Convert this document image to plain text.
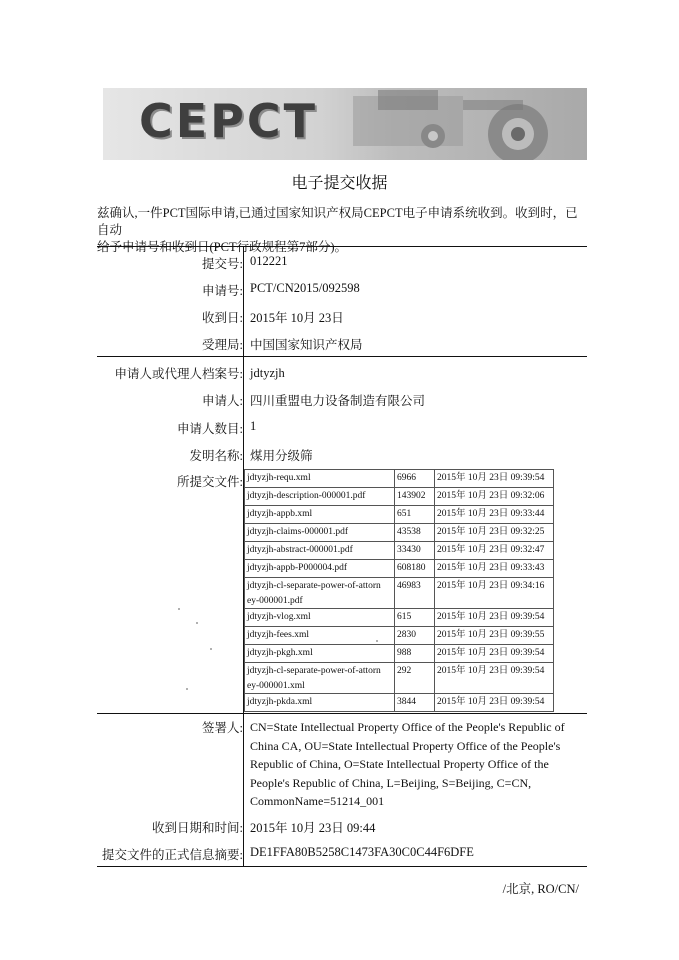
CEPCT
电子提交收据

兹确认,一件PCT国际申请,已通过国家知识产权局CEPCT电子申请系统收到。收到时，已自动

给予申请号和收到日(PCT行政规程第7部分)。

提交号: 012221
申请号: PCT/CN2015/092598
收到日: 2015年 10月 23日
受理局: 中国国家知识产权局
申请人或代理人档案号: jdtyzjh
申请人: 四川重盟电力设备制造有限公司
申请人数目: 1
发明名称: 煤用分级筛
所提交文件: jdtyzjh-requ.xml	6966	2015年 10月 23日 09:39:54
jdtyzjh-description-000001.pdf	143902	2015年 10月 23日 09:32:06
jdtyzjh-appb.xml	651	2015年 10月 23日 09:33:44
jdtyzjh-claims-000001.pdf	43538	2015年 10月 23日 09:32:25
jdtyzjh-abstract-000001.pdf	33430	2015年 10月 23日 09:32:47
jdtyzjh-appb-P000004.pdf	608180	2015年 10月 23日 09:33:43

jdtyzjh-cl-separate-power-of-attorn
ey-000001.pdf	46983	2015年 10月 23日 09:34:16
jdtyzjh-vlog.xml	615	2015年 10月 23日 09:39:54
jdtyzjh-fees.xml	2830	2015年 10月 23日 09:39:55
jdtyzjh-pkgh.xml	988	2015年 10月 23日 09:39:54

jdtyzjh-cl-separate-power-of-attorn
ey-000001.xml	292	2015年 10月 23日 09:39:54
jdtyzjh-pkda.xml	3844	2015年 10月 23日 09:39:54
签署人: CN=State Intellectual Property Office of the People's Republic of China CA, OU=State Intellectual Property Office of the People's Republic of China, O=State Intellectual Property Office of the People's Republic of China, L=Beijing, S=Beijing, C=CN, CommonName=51214_001
收到日期和时间: 2015年 10月 23日 09:44
提交文件的正式信息摘要: DE1FFA80B5258C1473FA30C0C44F6DFE
/北京, RO/CN/
